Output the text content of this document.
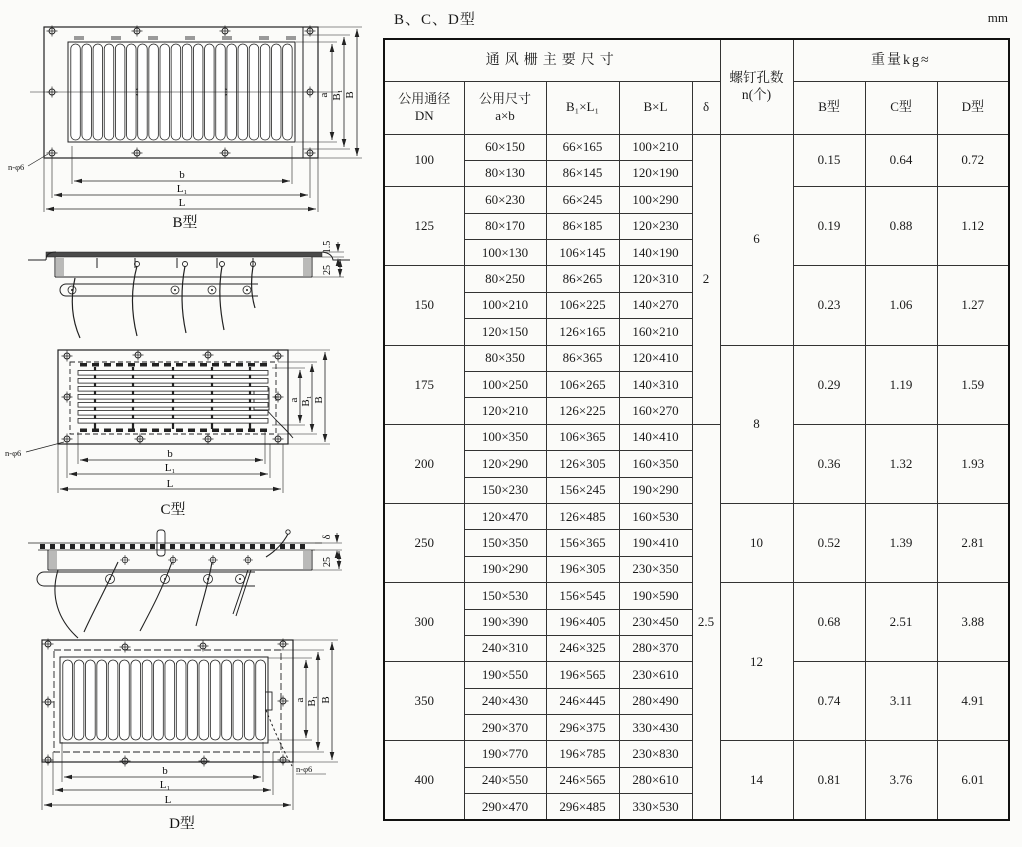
a B₁ B
b
L₁
L
n-φ6
B型
1.5
25
a B₁ B
b
L₁
L
n-φ6
C型
δ
25
a B₁ B
b
L₁
L
n-φ6
D型
B、C、D型	mm
通风栅主要尺寸					螺钉孔数
n(个)	重量kg≈		

公用通径
DN	公用尺寸
a×b	B₁×L₁	B×L	δ		B型	C型	D型
100	60×150	66×165	100×210	2	6	0.15	0.64	0.72
	80×130	86×145	120×190					
125	60×230	66×245	100×290			0.19	0.88	1.12
	80×170	86×185	120×230					
	100×130	106×145	140×190					
150	80×250	86×265	120×310			0.23	1.06	1.27
	100×210	106×225	140×270					
	120×150	126×165	160×210					
175	80×350	86×365	120×410		8	0.29	1.19	1.59
	100×250	106×265	140×310					
	120×210	126×225	160×270					
200	100×350	106×365	140×410	2.5		0.36	1.32	1.93
	120×290	126×305	160×350					
	150×230	156×245	190×290					
250	120×470	126×485	160×530		10	0.52	1.39	2.81
	150×350	156×365	190×410					
	190×290	196×305	230×350					
300	150×530	156×545	190×590		12	0.68	2.51	3.88
	190×390	196×405	230×450					
	240×310	246×325	280×370					
350	190×550	196×565	230×610			0.74	3.11	4.91
	240×430	246×445	280×490					
	290×370	296×375	330×430					
400	190×770	196×785	230×830		14	0.81	3.76	6.01
	240×550	246×565	280×610					
	290×470	296×485	330×530					
